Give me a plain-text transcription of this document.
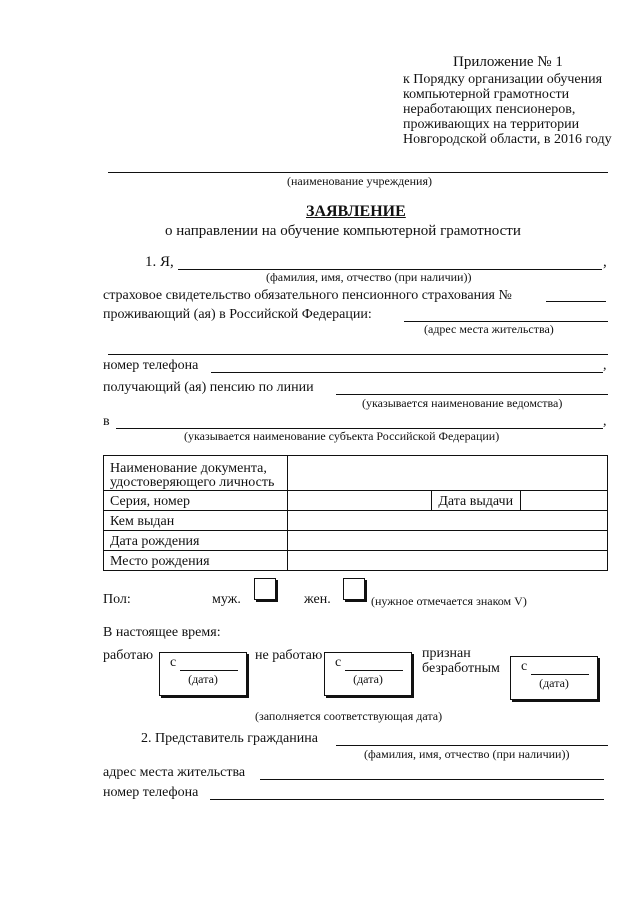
Приложение № 1
к Порядку организации обучения
компьютерной грамотности
неработающих пенсионеров,
проживающих на территории
Новгородской области, в 2016 году
(наименование учреждения)
ЗАЯВЛЕНИЕ
о направлении на обучение компьютерной грамотности
1. Я,	,
(фамилия, имя, отчество (при наличии))
страховое свидетельство обязательного пенсионного страхования №
проживающий (ая) в Российской Федерации:
(адрес места жительства)
номер телефона	,
получающий (ая) пенсию по линии
(указывается наименование ведомства)
в	,
(указывается наименование субъекта Российской Федерации)
Наименование документа,
удостоверяющего личность			

Серия, номер		Дата выдачи	
Кем выдан			
Дата рождения			
Место рождения			
Пол:	муж.	жен.	(нужное отмечается знаком V)
В настоящее время:
работаю с
(дата)
не работаю с
(дата)
признан
безработным с
(дата)
(заполняется соответствующая дата)
2. Представитель гражданина
(фамилия, имя, отчество (при наличии))
адрес места жительства
номер телефона
